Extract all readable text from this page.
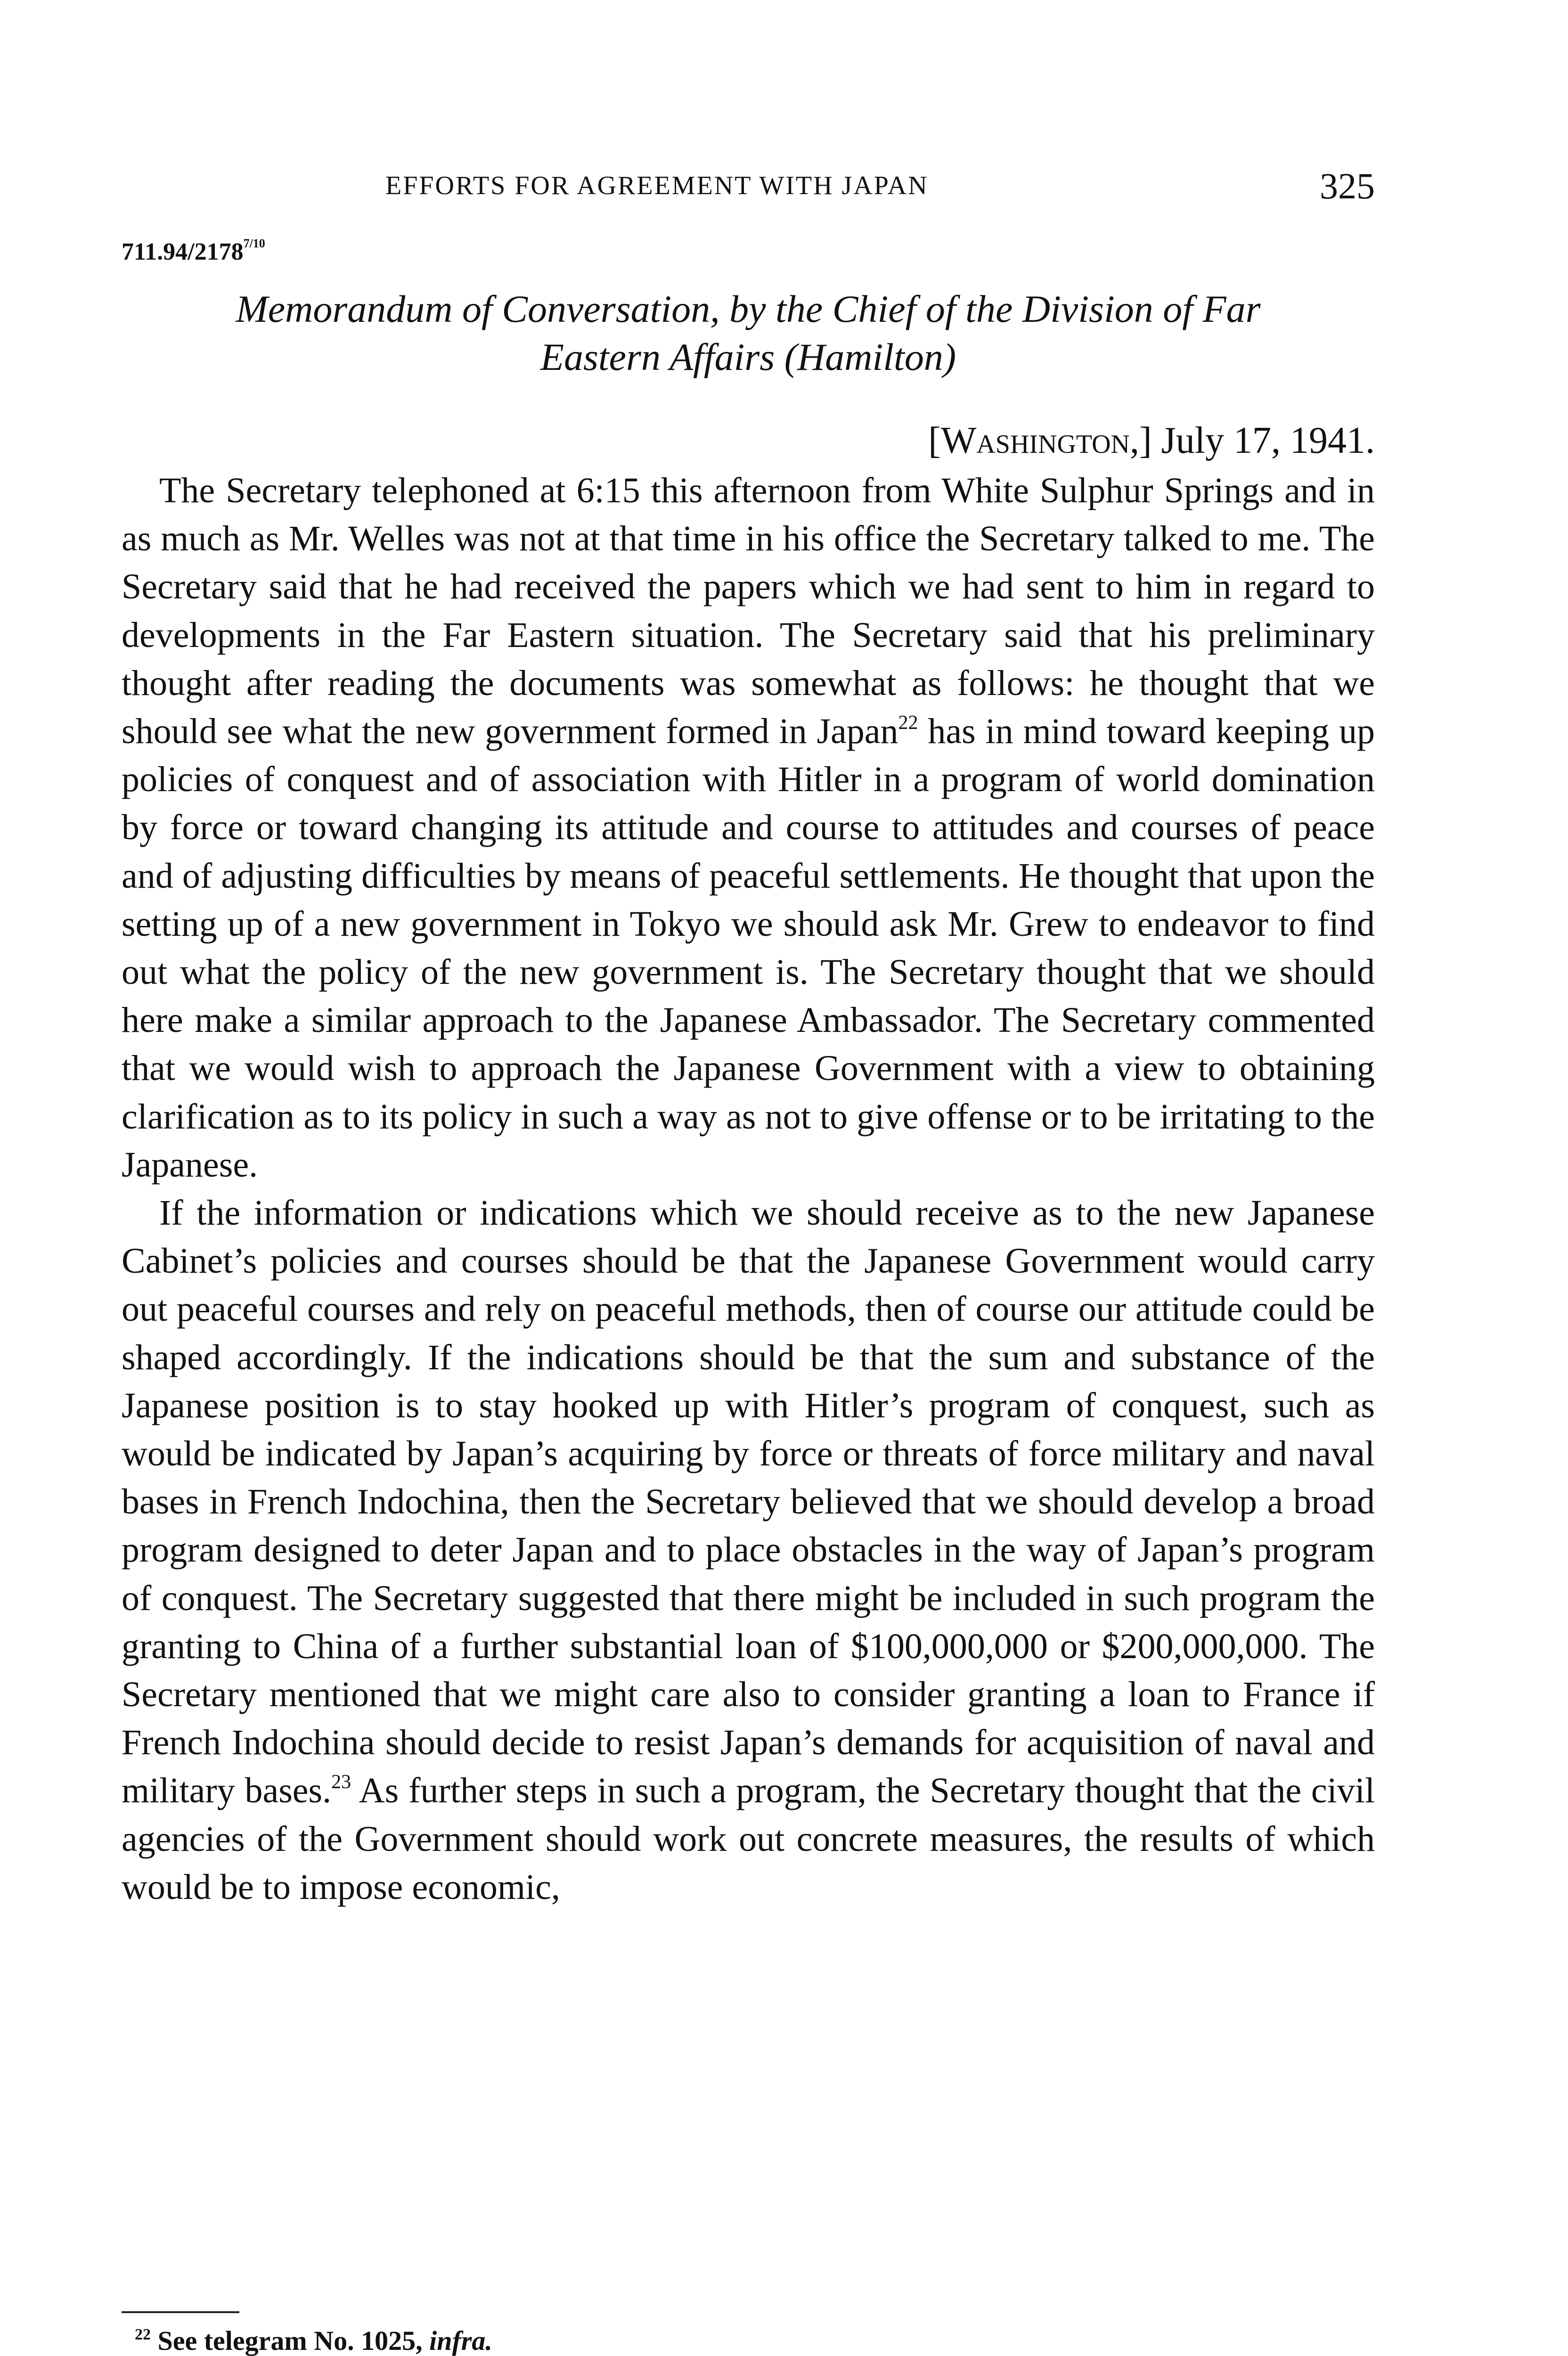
EFFORTS FOR AGREEMENT WITH JAPAN	325
$711.94/2178^{7/10}$
Memorandum of Conversation, by the Chief of the Division of Far
Eastern Affairs (Hamilton)
[Washington,] July 17, 1941.

The Secretary telephoned at 6:15 this afternoon from White Sulphur Springs and in as much as Mr. Welles was not at that time in his office the Secretary talked to me. The Secretary said that he had received the papers which we had sent to him in regard to developments in the Far Eastern situation. The Secretary said that his preliminary thought after reading the documents was somewhat as follows: he thought that we should see what the new government formed in Japan$^{22}$ has in mind toward keeping up policies of conquest and of association with Hitler in a program of world domination by force or toward changing its attitude and course to attitudes and courses of peace and of adjusting difficulties by means of peaceful settlements. He thought that upon the setting up of a new government in Tokyo we should ask Mr. Grew to endeavor to find out what the policy of the new government is. The Secretary thought that we should here make a similar approach to the Japanese Ambassador. The Secretary commented that we would wish to approach the Japanese Government with a view to obtaining clarification as to its policy in such a way as not to give offense or to be irritating to the Japanese.

If the information or indications which we should receive as to the new Japanese Cabinet’s policies and courses should be that the Japanese Government would carry out peaceful courses and rely on peaceful methods, then of course our attitude could be shaped accordingly. If the indications should be that the sum and substance of the Japanese position is to stay hooked up with Hitler’s program of conquest, such as would be indicated by Japan’s acquiring by force or threats of force military and naval bases in French Indochina, then the Secretary believed that we should develop a broad program designed to deter Japan and to place obstacles in the way of Japan’s program of conquest. The Secretary suggested that there might be included in such program the granting to China of a further substantial loan of $100,000,000 or $200,000,000. The Secretary mentioned that we might care also to consider granting a loan to France if French Indochina should decide to resist Japan’s demands for acquisition of naval and military bases.$^{23}$ As further steps in such a program, the Secretary thought that the civil agencies of the Government should work out concrete measures, the results of which would be to impose economic,

$^{22}$ See telegram No. 1025, infra.
